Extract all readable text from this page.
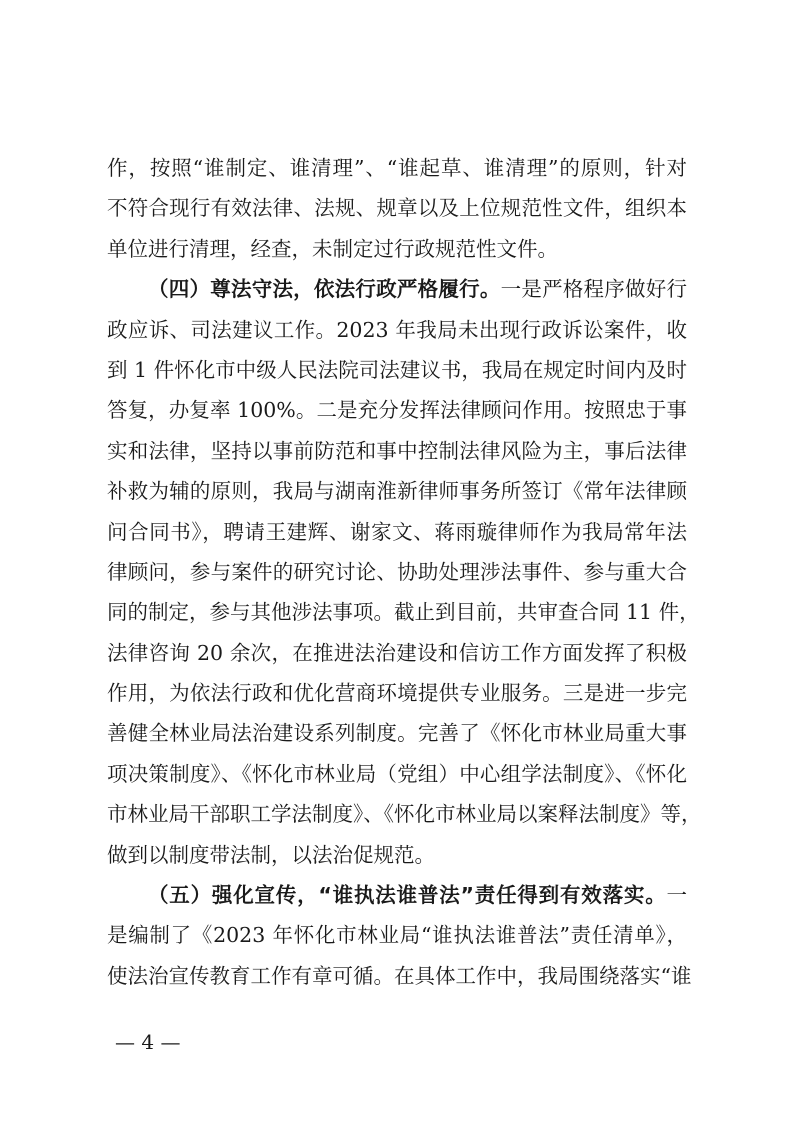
作，按照“谁制定、谁清理”、“谁起草、谁清理”的原则，针对
不符合现行有效法律、法规、规章以及上位规范性文件，组织本
单位进行清理，经查，未制定过行政规范性文件。
（四）尊法守法，依法行政严格履行。一是严格程序做好行
政应诉、司法建议工作。2023 年我局未出现行政诉讼案件，收
到 1 件怀化市中级人民法院司法建议书，我局在规定时间内及时
答复，办复率 100%。二是充分发挥法律顾问作用。按照忠于事
实和法律，坚持以事前防范和事中控制法律风险为主，事后法律
补救为辅的原则，我局与湖南淮新律师事务所签订《常年法律顾
问合同书》，聘请王建辉、谢家文、蒋雨璇律师作为我局常年法
律顾问，参与案件的研究讨论、协助处理涉法事件、参与重大合
同的制定，参与其他涉法事项。截止到目前，共审查合同 11 件，
法律咨询 20 余次，在推进法治建设和信访工作方面发挥了积极
作用，为依法行政和优化营商环境提供专业服务。三是进一步完
善健全林业局法治建设系列制度。完善了《怀化市林业局重大事
项决策制度》、《怀化市林业局（党组）中心组学法制度》、《怀化
市林业局干部职工学法制度》、《怀化市林业局以案释法制度》等，
做到以制度带法制，以法治促规范。
（五）强化宣传，“谁执法谁普法”责任得到有效落实。一
是编制了《2023 年怀化市林业局“谁执法谁普法”责任清单》，
使法治宣传教育工作有章可循。在具体工作中，我局围绕落实“谁
— 4 —
